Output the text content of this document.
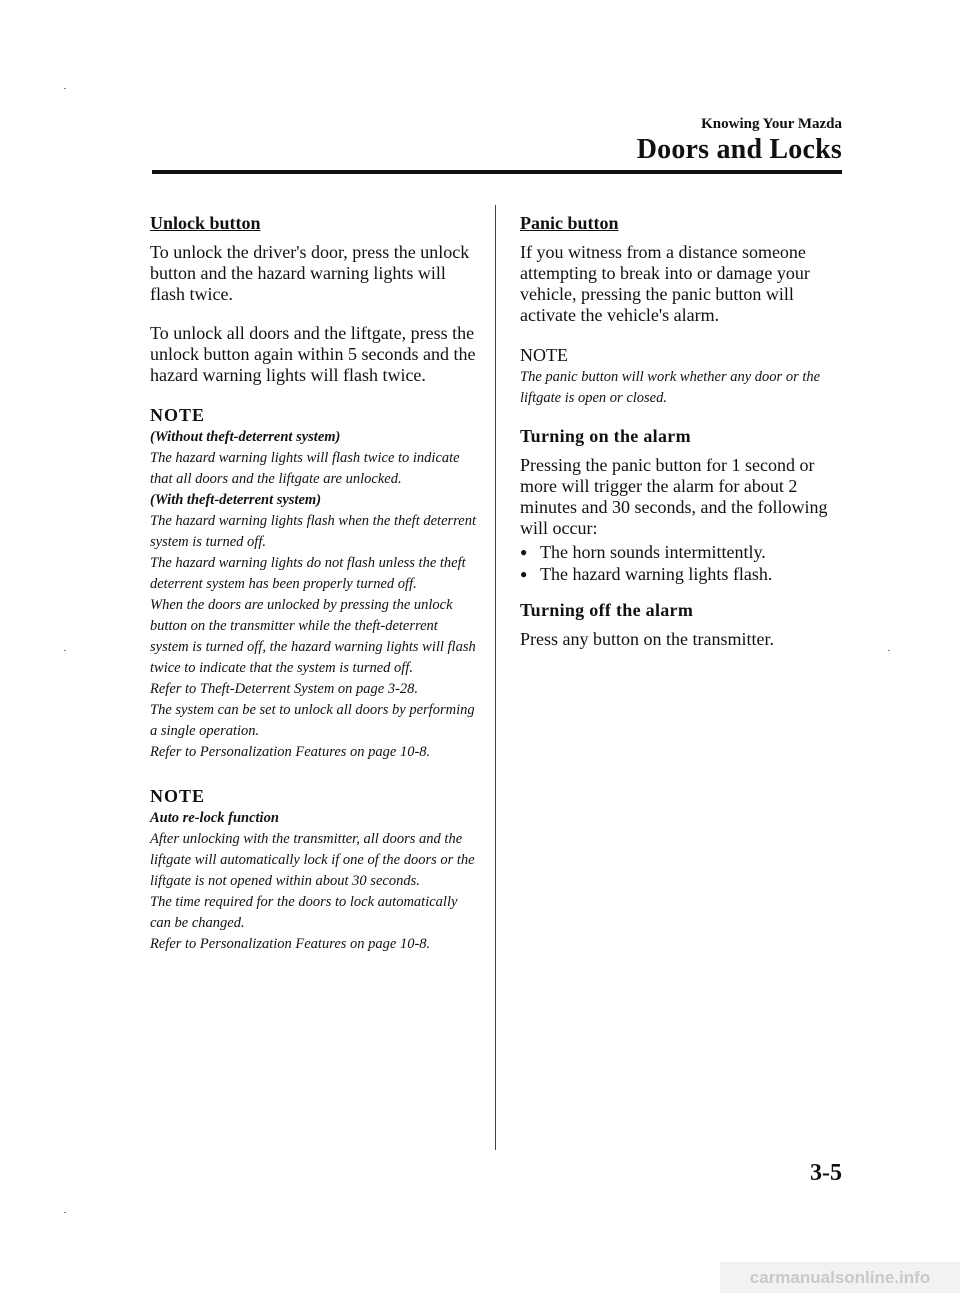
Knowing Your Mazda
Doors and Locks
Unlock button

To unlock the driver's door, press the unlock button and the hazard warning lights will flash twice.

To unlock all doors and the liftgate, press the unlock button again within 5 seconds and the hazard warning lights will flash twice.

NOTE

(Without theft-deterrent system)
The hazard warning lights will flash twice to indicate that all doors and the liftgate are unlocked.
(With theft-deterrent system)
The hazard warning lights flash when the theft deterrent system is turned off.
The hazard warning lights do not flash unless the theft deterrent system has been properly turned off.
When the doors are unlocked by pressing the unlock button on the transmitter while the theft-deterrent system is turned off, the hazard warning lights will flash twice to indicate that the system is turned off.
Refer to Theft-Deterrent System on page 3-28.
The system can be set to unlock all doors by performing a single operation.
Refer to Personalization Features on page 10-8.

NOTE

Auto re-lock function
After unlocking with the transmitter, all doors and the liftgate will automatically lock if one of the doors or the liftgate is not opened within about 30 seconds.
The time required for the doors to lock automatically can be changed.
Refer to Personalization Features on page 10-8.

Panic button

If you witness from a distance someone attempting to break into or damage your vehicle, pressing the panic button will activate the vehicle's alarm.

NOTE

The panic button will work whether any door or the liftgate is open or closed.

Turning on the alarm

Pressing the panic button for 1 second or more will trigger the alarm for about 2 minutes and 30 seconds, and the following will occur:

● The horn sounds intermittently.
● The hazard warning lights flash.
Turning off the alarm

Press any button on the transmitter.

3-5
carmanualsonline.info
